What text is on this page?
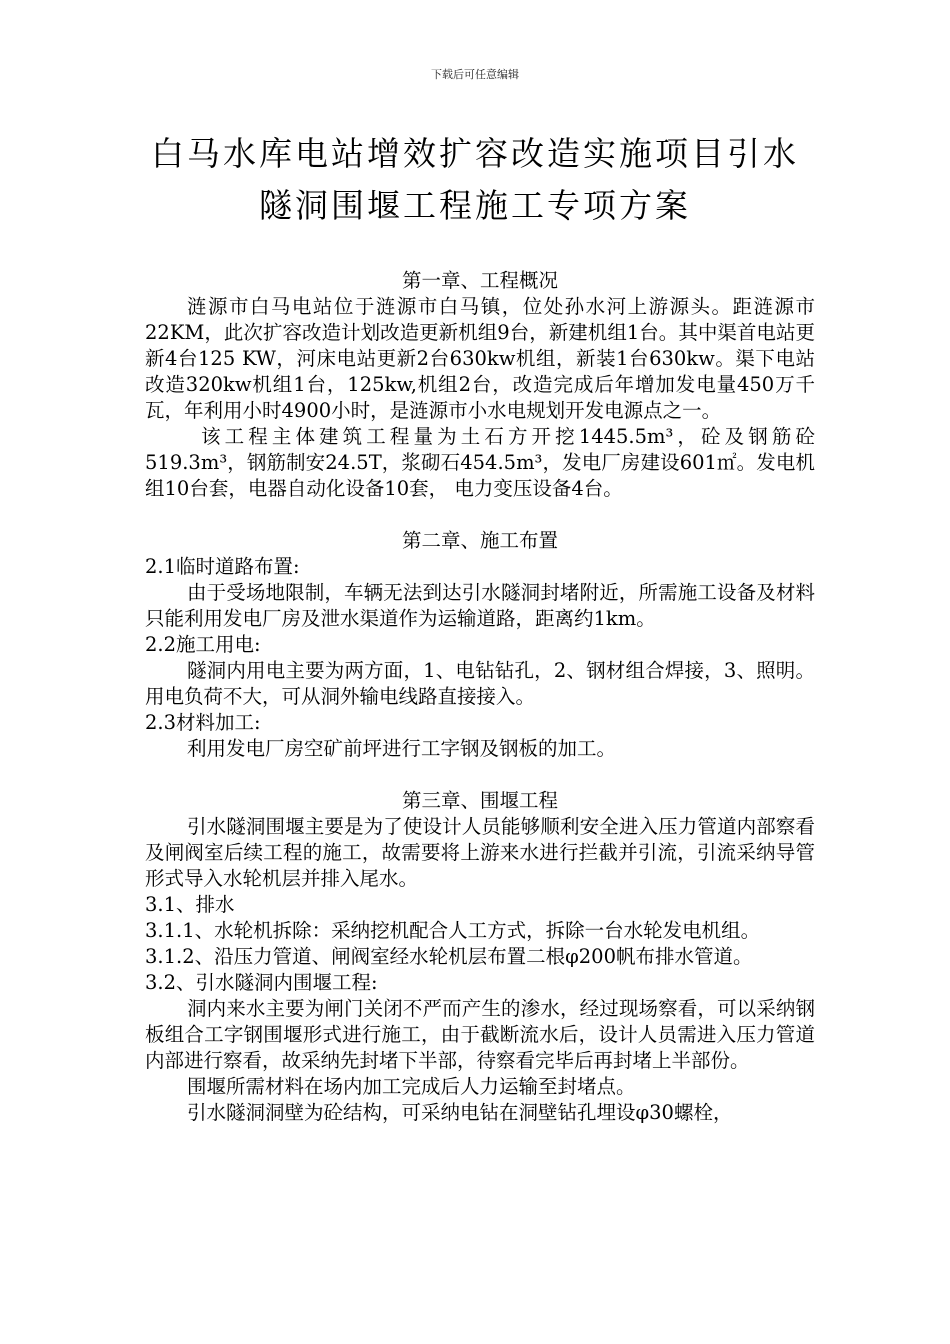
下载后可任意编辑
白马水库电站增效扩容改造实施项目引水
隧洞围堰工程施工专项方案

第一章、工程概况

涟源市白马电站位于涟源市白马镇，位处孙水河上游源头。距涟源市22KM，此次扩容改造计划改造更新机组9台，新建机组1台。其中渠首电站更新4台125 KW，河床电站更新2台630kw机组，新装1台630kw。渠下电站改造320kw机组1台，125kw,机组2台，改造完成后年增加发电量450万千瓦，年利用小时4900小时，是涟源市小水电规划开发电源点之一。

该工程主体建筑工程量为土石方开挖1445.5m³，砼及钢筋砼519.3m³，钢筋制安24.5T，浆砌石454.5m³，发电厂房建设601㎡。发电机组10台套，电器自动化设备10套， 电力变压设备4台。

第二章、施工布置

2.1临时道路布置:

由于受场地限制，车辆无法到达引水隧洞封堵附近，所需施工设备及材料只能利用发电厂房及泄水渠道作为运输道路，距离约1km。

2.2施工用电:

隧洞内用电主要为两方面，1、电钻钻孔，2、钢材组合焊接，3、照明。用电负荷不大，可从洞外输电线路直接接入。

2.3材料加工:

利用发电厂房空矿前坪进行工字钢及钢板的加工。

第三章、围堰工程

引水隧洞围堰主要是为了使设计人员能够顺利安全进入压力管道内部察看及闸阀室后续工程的施工，故需要将上游来水进行拦截并引流，引流采纳导管形式导入水轮机层并排入尾水。

3.1、排水

3.1.1、水轮机拆除：采纳挖机配合人工方式，拆除一台水轮发电机组。

3.1.2、沿压力管道、闸阀室经水轮机层布置二根φ200帆布排水管道。

3.2、引水隧洞内围堰工程:

洞内来水主要为闸门关闭不严而产生的渗水，经过现场察看，可以采纳钢板组合工字钢围堰形式进行施工，由于截断流水后，设计人员需进入压力管道内部进行察看，故采纳先封堵下半部，待察看完毕后再封堵上半部份。

围堰所需材料在场内加工完成后人力运输至封堵点。

引水隧洞洞壁为砼结构，可采纳电钻在洞壁钻孔埋设φ30螺栓，
